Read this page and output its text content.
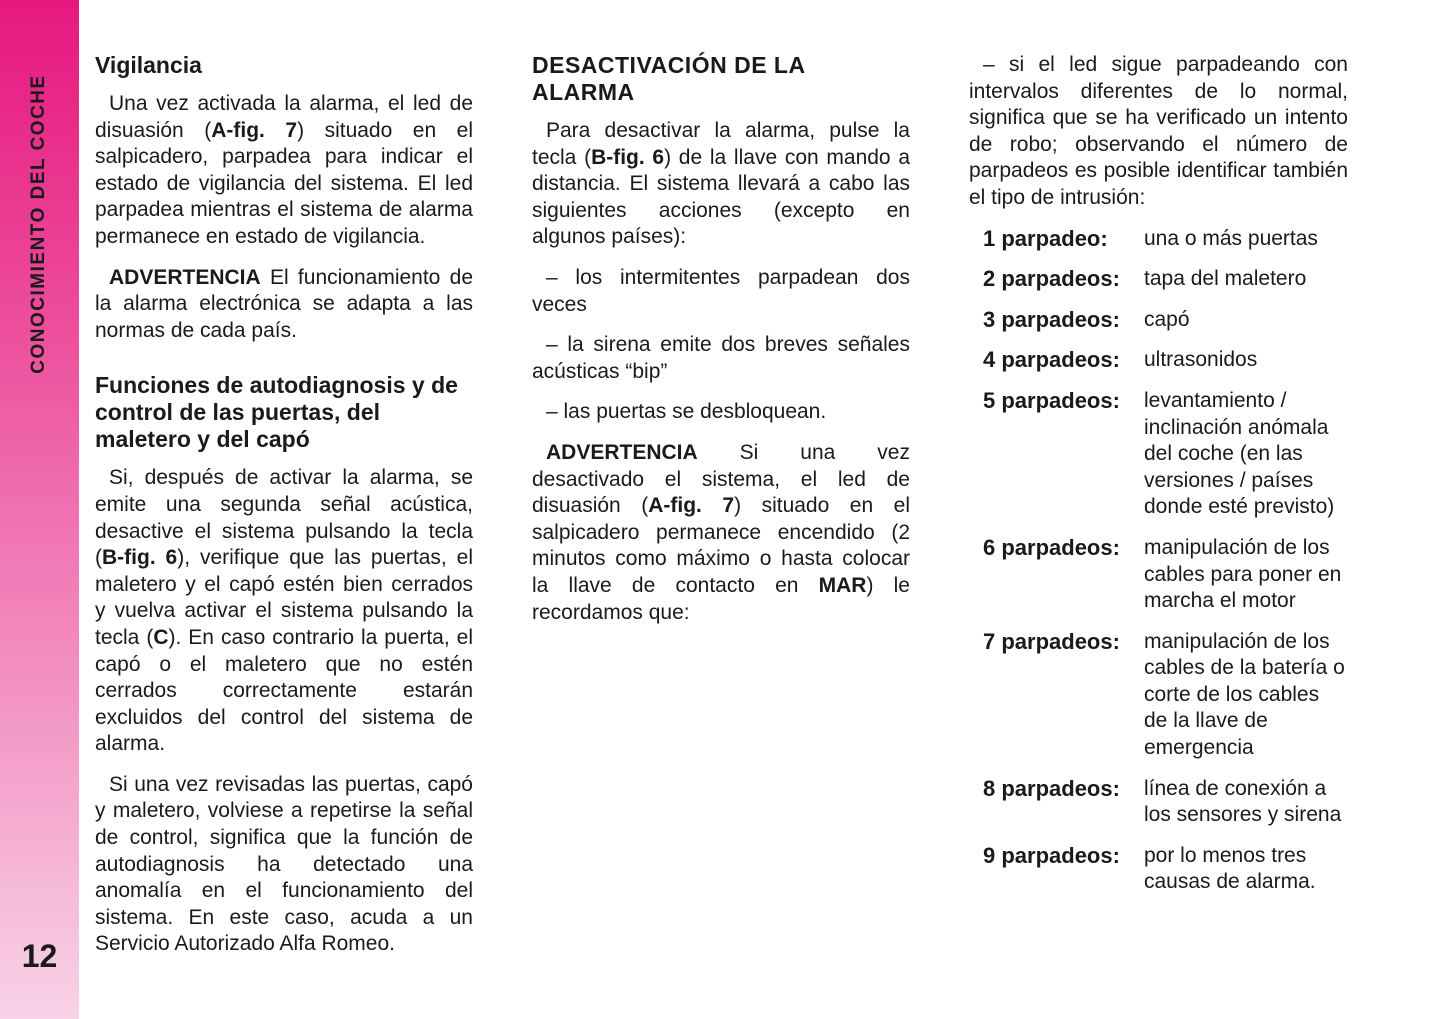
CONOCIMIENTO DEL COCHE
12
Vigilancia

Una vez activada la alarma, el led de disuasión (A-fig. 7) situado en el salpicadero, parpadea para indicar el estado de vigilancia del sistema. El led parpadea mientras el sistema de alarma permanece en estado de vigilancia.

ADVERTENCIA El funcionamiento de la alarma electrónica se adapta a las normas de cada país.

Funciones de autodiagnosis y de control de las puertas, del maletero y del capó

Si, después de activar la alarma, se emite una segunda señal acústica, desactive el sistema pulsando la tecla (B-fig. 6), verifique que las puertas, el maletero y el capó estén bien cerrados y vuelva activar el sistema pulsando la tecla (C). En caso contrario la puerta, el capó o el maletero que no estén cerrados correctamente estarán excluidos del control del sistema de alarma.

Si una vez revisadas las puertas, capó y maletero, volviese a repetirse la señal de control, significa que la función de autodiagnosis ha detectado una anomalía en el funcionamiento del sistema. En este caso, acuda a un Servicio Autorizado Alfa Romeo.

DESACTIVACIÓN DE LA ALARMA

Para desactivar la alarma, pulse la tecla (B-fig. 6) de la llave con mando a distancia. El sistema llevará a cabo las siguientes acciones (excepto en algunos países):

– los intermitentes parpadean dos veces

– la sirena emite dos breves señales acústicas “bip”

– las puertas se desbloquean.

ADVERTENCIA Si una vez desactivado el sistema, el led de disuasión (A-fig. 7) situado en el salpicadero permanece encendido (2 minutos como máximo o hasta colocar la llave de contacto en MAR) le recordamos que:

– si el led sigue parpadeando con intervalos diferentes de lo normal, significa que se ha verificado un intento de robo; observando el número de parpadeos es posible identificar también el tipo de intrusión:

1 parpadeo:	una o más puertas
2 parpadeos:	tapa del maletero
3 parpadeos:	capó
4 parpadeos:	ultrasonidos
5 parpadeos:	levantamiento / inclinación anómala del coche (en las versiones / países donde esté previsto)
6 parpadeos:	manipulación de los cables para poner en marcha el motor
7 parpadeos:	manipulación de los cables de la batería o corte de los cables de la llave de emergencia
8 parpadeos:	línea de conexión a los sensores y sirena
9 parpadeos:	por lo menos tres causas de alarma.
